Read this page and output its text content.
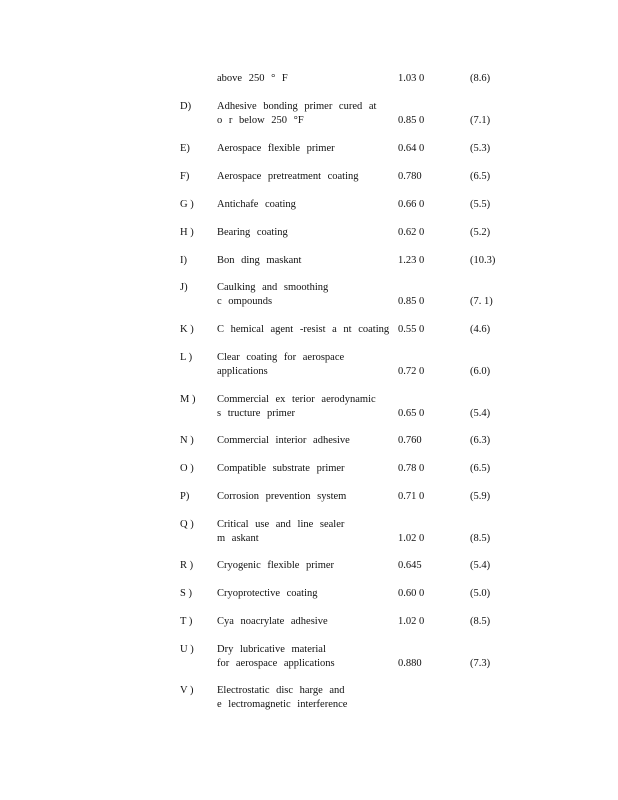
above 250 ° F	1.03 0	(8.6)
D) Adhesive bonding primer cured at
o r below 250 °F	0.85 0	(7.1)
E)	Aerospace flexible primer	0.64 0	(5.3)
F)	Aerospace pretreatment coating	0.780	(6.5)
G ) Antichafe coating	0.66 0	(5.5)
H ) Bearing coating	0.62 0	(5.2)
I)	Bon ding maskant	1.23 0	(10.3)
J)	Caulking and smoothing
c ompounds	0.85 0	(7. 1)
K ) C hemical agent -resist a nt coating 0.55 0	(4.6)
L ) Clear coating for aerospace
applications	0.72 0	(6.0)
M ) Commercial ex terior aerodynamic
s tructure primer	0.65 0	(5.4)
N ) Commercial interior adhesive	0.760	(6.3)
O ) Compatible substrate primer	0.78 0	(6.5)
P)	Corrosion prevention system	0.71 0	(5.9)
Q ) Critical use and line sealer
m askant	1.02 0	(8.5)
R ) Cryogenic flexible primer	0.645	(5.4)
S ) Cryoprotective coating	0.60 0	(5.0)
T ) Cya noacrylate adhesive	1.02 0	(8.5)
U ) Dry lubricative material
for aerospace applications	0.880	(7.3)
V ) Electrostatic disc harge and
e lectromagnetic interference
